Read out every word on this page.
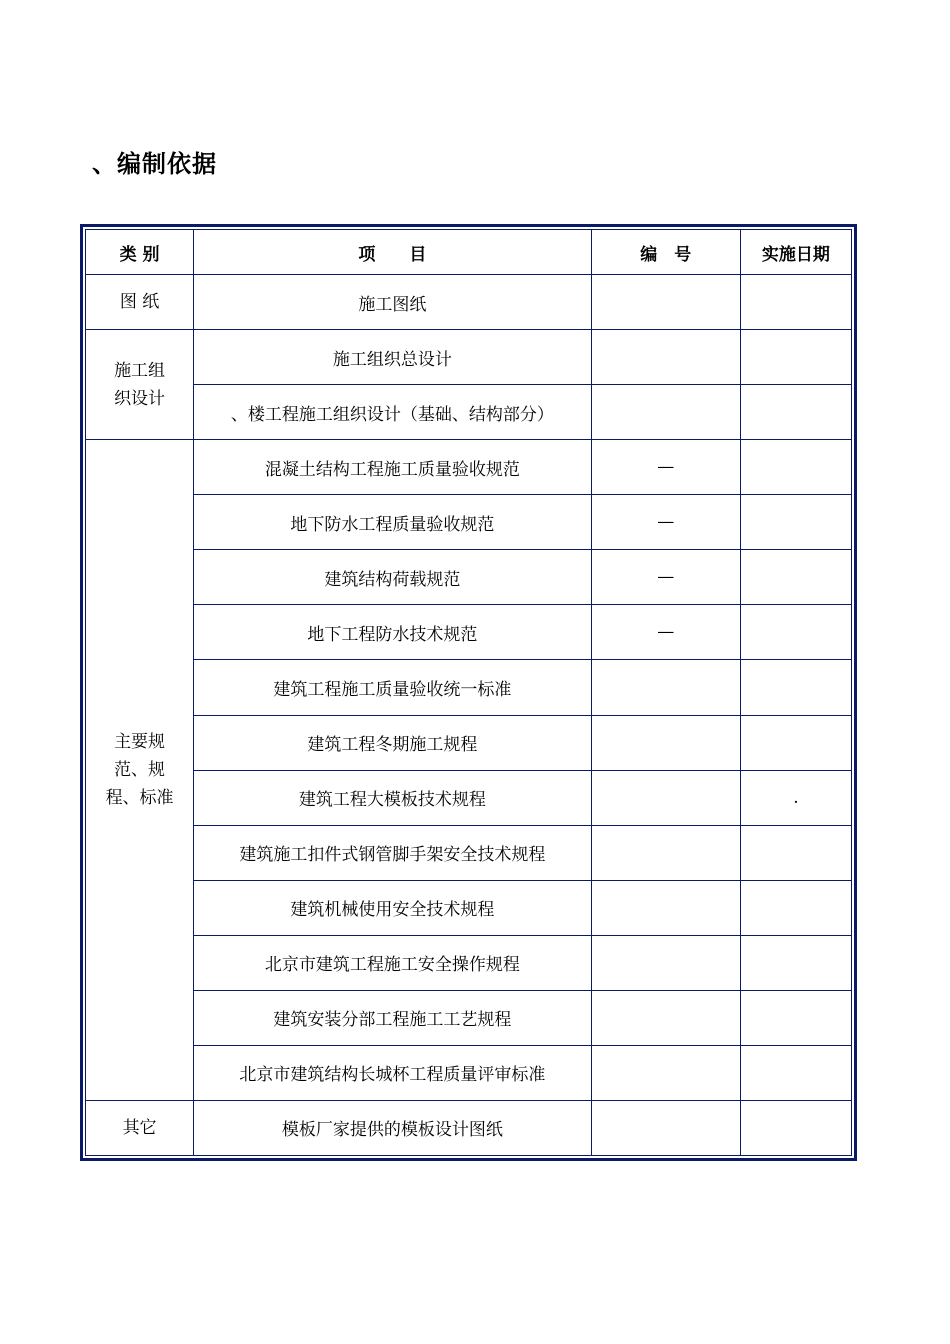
、编制依据
类 别	项　　目	编　号	实施日期
图 纸	施工图纸		
施工组
织设计	施工组织总设计		
	、楼工程施工组织设计（基础、结构部分）		
主要规
范、规
程、标准	混凝土结构工程施工质量验收规范	—	
	地下防水工程质量验收规范	—	
	建筑结构荷载规范	—	
	地下工程防水技术规范	—	
	建筑工程施工质量验收统一标准		
	建筑工程冬期施工规程		
	建筑工程大模板技术规程		.
	建筑施工扣件式钢管脚手架安全技术规程		
	建筑机械使用安全技术规程		
	北京市建筑工程施工安全操作规程		
	建筑安装分部工程施工工艺规程		
	北京市建筑结构长城杯工程质量评审标准		
其它	模板厂家提供的模板设计图纸		
